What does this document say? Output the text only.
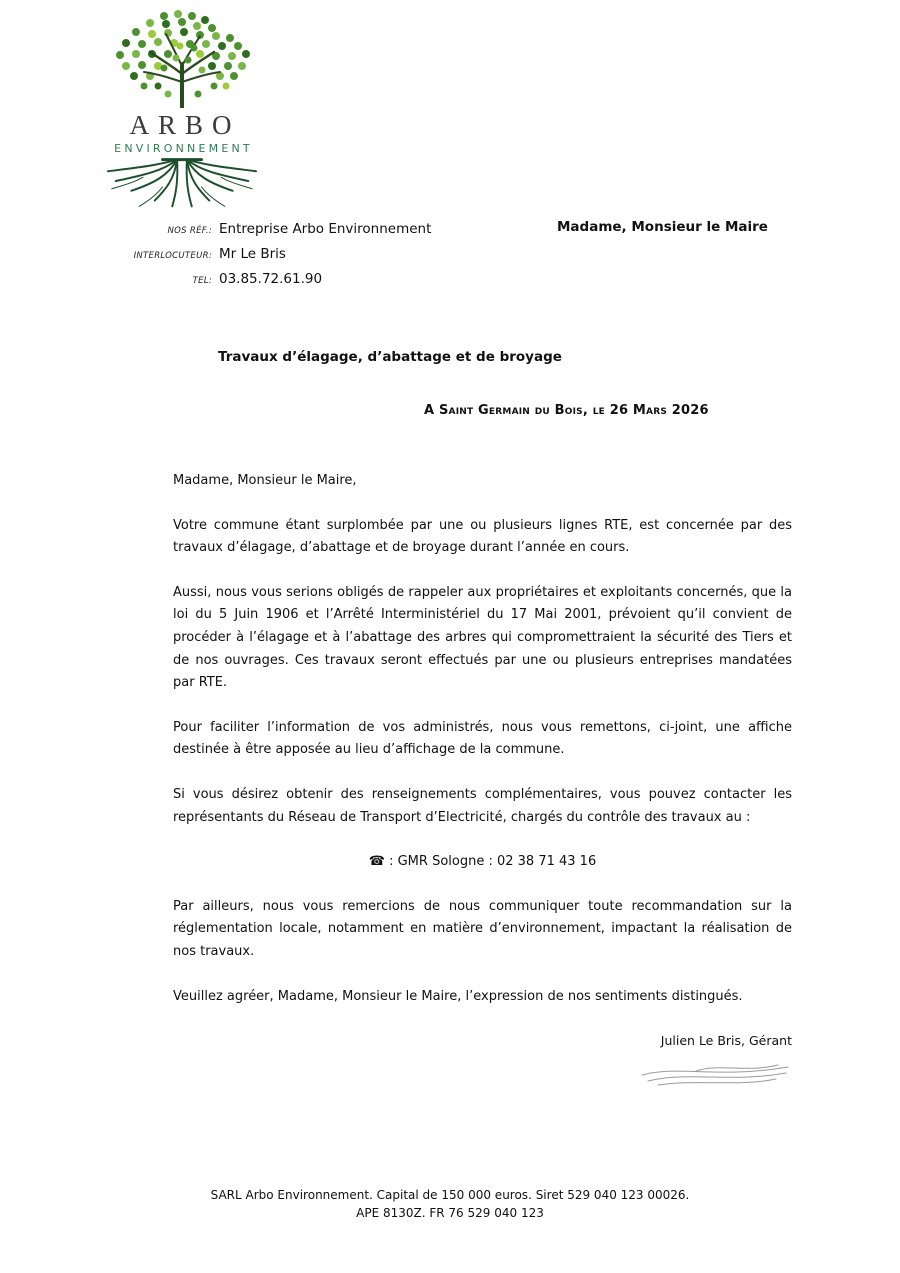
ARBO
ENVIRONNEMENT
NOS RÉF.: Entreprise Arbo Environnement
INTERLOCUTEUR: Mr Le Bris
TEL: 03.85.72.61.90
Madame, Monsieur le Maire
Travaux d’élagage, d’abattage et de broyage
A Saint Germain du Bois, le 26 Mars 2026

Madame, Monsieur le Maire,

Votre commune étant surplombée par une ou plusieurs lignes RTE, est concernée par des travaux d’élagage, d’abattage et de broyage durant l’année en cours.

Aussi, nous vous serions obligés de rappeler aux propriétaires et exploitants concernés, que la loi du 5 Juin 1906 et l’Arrêté Interministériel du 17 Mai 2001, prévoient qu’il convient de procéder à l’élagage et à l’abattage des arbres qui compromettraient la sécurité des Tiers et de nos ouvrages. Ces travaux seront effectués par une ou plusieurs entreprises mandatées par RTE.

Pour faciliter l’information de vos administrés, nous vous remettons, ci-joint, une affiche destinée à être apposée au lieu d’affichage de la commune.

Si vous désirez obtenir des renseignements complémentaires, vous pouvez contacter les représentants du Réseau de Transport d’Electricité, chargés du contrôle des travaux au :

☎ : GMR Sologne : 02 38 71 43 16

Par ailleurs, nous vous remercions de nous communiquer toute recommandation sur la réglementation locale, notamment en matière d’environnement, impactant la réalisation de nos travaux.

Veuillez agréer, Madame, Monsieur le Maire, l’expression de nos sentiments distingués.

Julien Le Bris, Gérant
SARL Arbo Environnement. Capital de 150 000 euros. Siret 529 040 123 00026.
APE 8130Z. FR 76 529 040 123
